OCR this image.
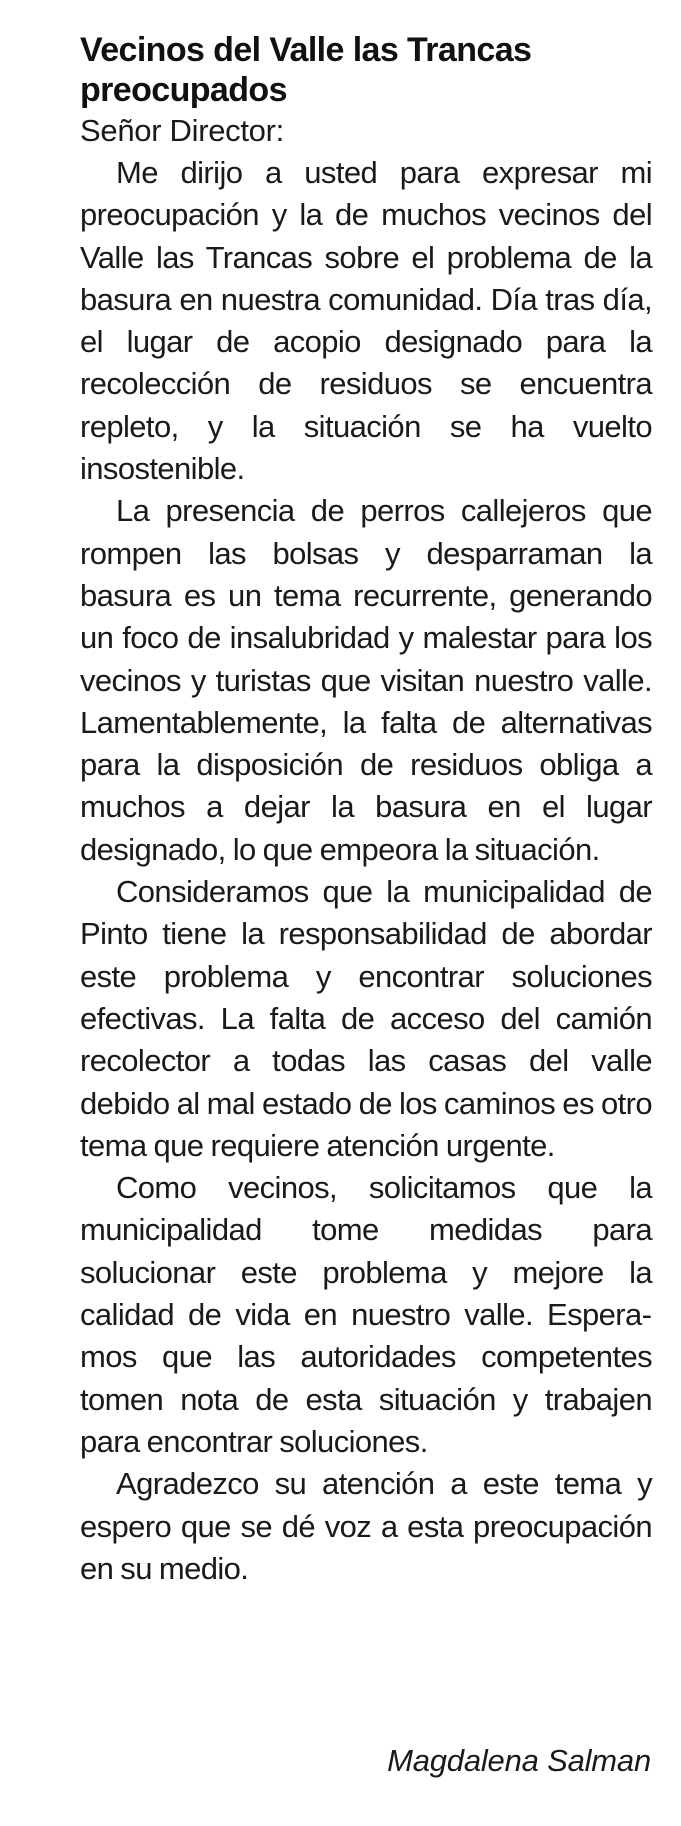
Vecinos del Valle las Trancas preocupados

Señor Director:

Me dirijo a usted para expresar mi preocupación y la de muchos vecinos del Valle las Trancas sobre el problema de la basura en nuestra comunidad. Día tras día, el lugar de acopio designado para la recolección de residuos se encuentra repleto, y la situación se ha vuelto insostenible.

La presencia de perros callejeros que rompen las bolsas y desparraman la basura es un tema recurrente, generando un foco de insalubridad y malestar para los vecinos y turistas que visitan nuestro valle. Lamentablemente, la falta de alternativas para la disposición de residuos obliga a muchos a dejar la basura en el lugar designado, lo que empeora la situación.

Consideramos que la municipalidad de Pinto tiene la responsabilidad de abordar este problema y encontrar soluciones efectivas. La falta de acceso del camión recolector a todas las casas del valle debido al mal estado de los caminos es otro tema que requiere atención urgente.

Como vecinos, solicitamos que la municipalidad tome medidas para solucionar este problema y mejore la calidad de vida en nuestro valle. Esperamos que las autoridades competentes tomen nota de esta situación y trabajen para encontrar soluciones.

Agradezco su atención a este tema y espero que se dé voz a esta preocupación en su medio.

Magdalena Salman
